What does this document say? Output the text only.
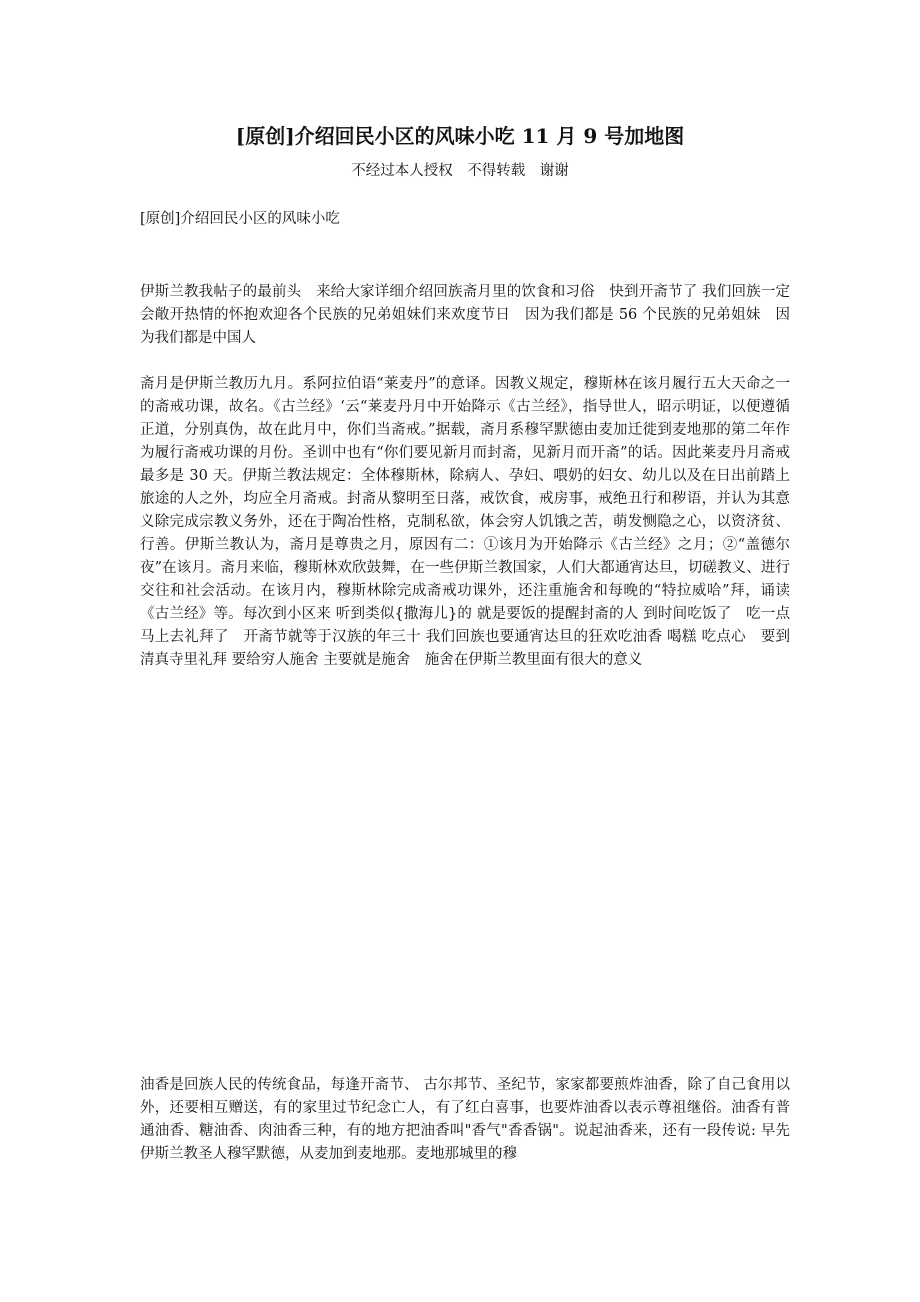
[原创]介绍回民小区的风味小吃 11 月 9 号加地图
不经过本人授权　不得转载　谢谢
[原创]介绍回民小区的风味小吃
伊斯兰教我帖子的最前头　来给大家详细介绍回族斋月里的饮食和习俗　快到开斋节了 我们回族一定会敞开热情的怀抱欢迎各个民族的兄弟姐妹们来欢度节日　因为我们都是 56 个民族的兄弟姐妹　因为我们都是中国人
斋月是伊斯兰教历九月。系阿拉伯语“莱麦丹”的意译。因教义规定，穆斯林在该月履行五大天命之一的斋戒功课，故名。《古兰经》‘云“莱麦丹月中开始降示《古兰经》，指导世人，昭示明证，以便遵循正道，分别真伪，故在此月中，你们当斋戒。”据载，斋月系穆罕默德由麦加迁徙到麦地那的第二年作为履行斋戒功课的月份。圣训中也有“你们要见新月而封斋，见新月而开斋”的话。因此莱麦丹月斋戒最多是 30 天。伊斯兰教法规定：全体穆斯林，除病人、孕妇、喂奶的妇女、幼儿以及在日出前踏上旅途的人之外，均应全月斋戒。封斋从黎明至日落，戒饮食，戒房事，戒绝丑行和秽语，并认为其意义除完成宗教义务外，还在于陶冶性格，克制私欲，体会穷人饥饿之苦，萌发恻隐之心，以资济贫、行善。伊斯兰教认为，斋月是尊贵之月，原因有二：①该月为开始降示《古兰经》之月；②“盖德尔夜”在该月。斋月来临，穆斯林欢欣鼓舞，在一些伊斯兰教国家，人们大都通宵达旦，切磋教义、进行交往和社会活动。在该月内，穆斯林除完成斋戒功课外，还注重施舍和每晚的“特拉威哈”拜，诵读《古兰经》等。每次到小区来 听到类似{撒海儿}的 就是要饭的提醒封斋的人 到时间吃饭了　吃一点 马上去礼拜了　开斋节就等于汉族的年三十 我们回族也要通宵达旦的狂欢吃油香 喝糕 吃点心　要到清真寺里礼拜 要给穷人施舍 主要就是施舍　施舍在伊斯兰教里面有很大的意义
油香是回族人民的传统食品，每逢开斋节、 古尔邦节、圣纪节，家家都要煎炸油香，除了自己食用以外，还要相互赠送，有的家里过节纪念亡人，有了红白喜事，也要炸油香以表示尊祖继俗。油香有普通油香、糖油香、肉油香三种，有的地方把油香叫"香气"香香锅"。说起油香来，还有一段传说: 早先伊斯兰教圣人穆罕默德，从麦加到麦地那。麦地那城里的穆
